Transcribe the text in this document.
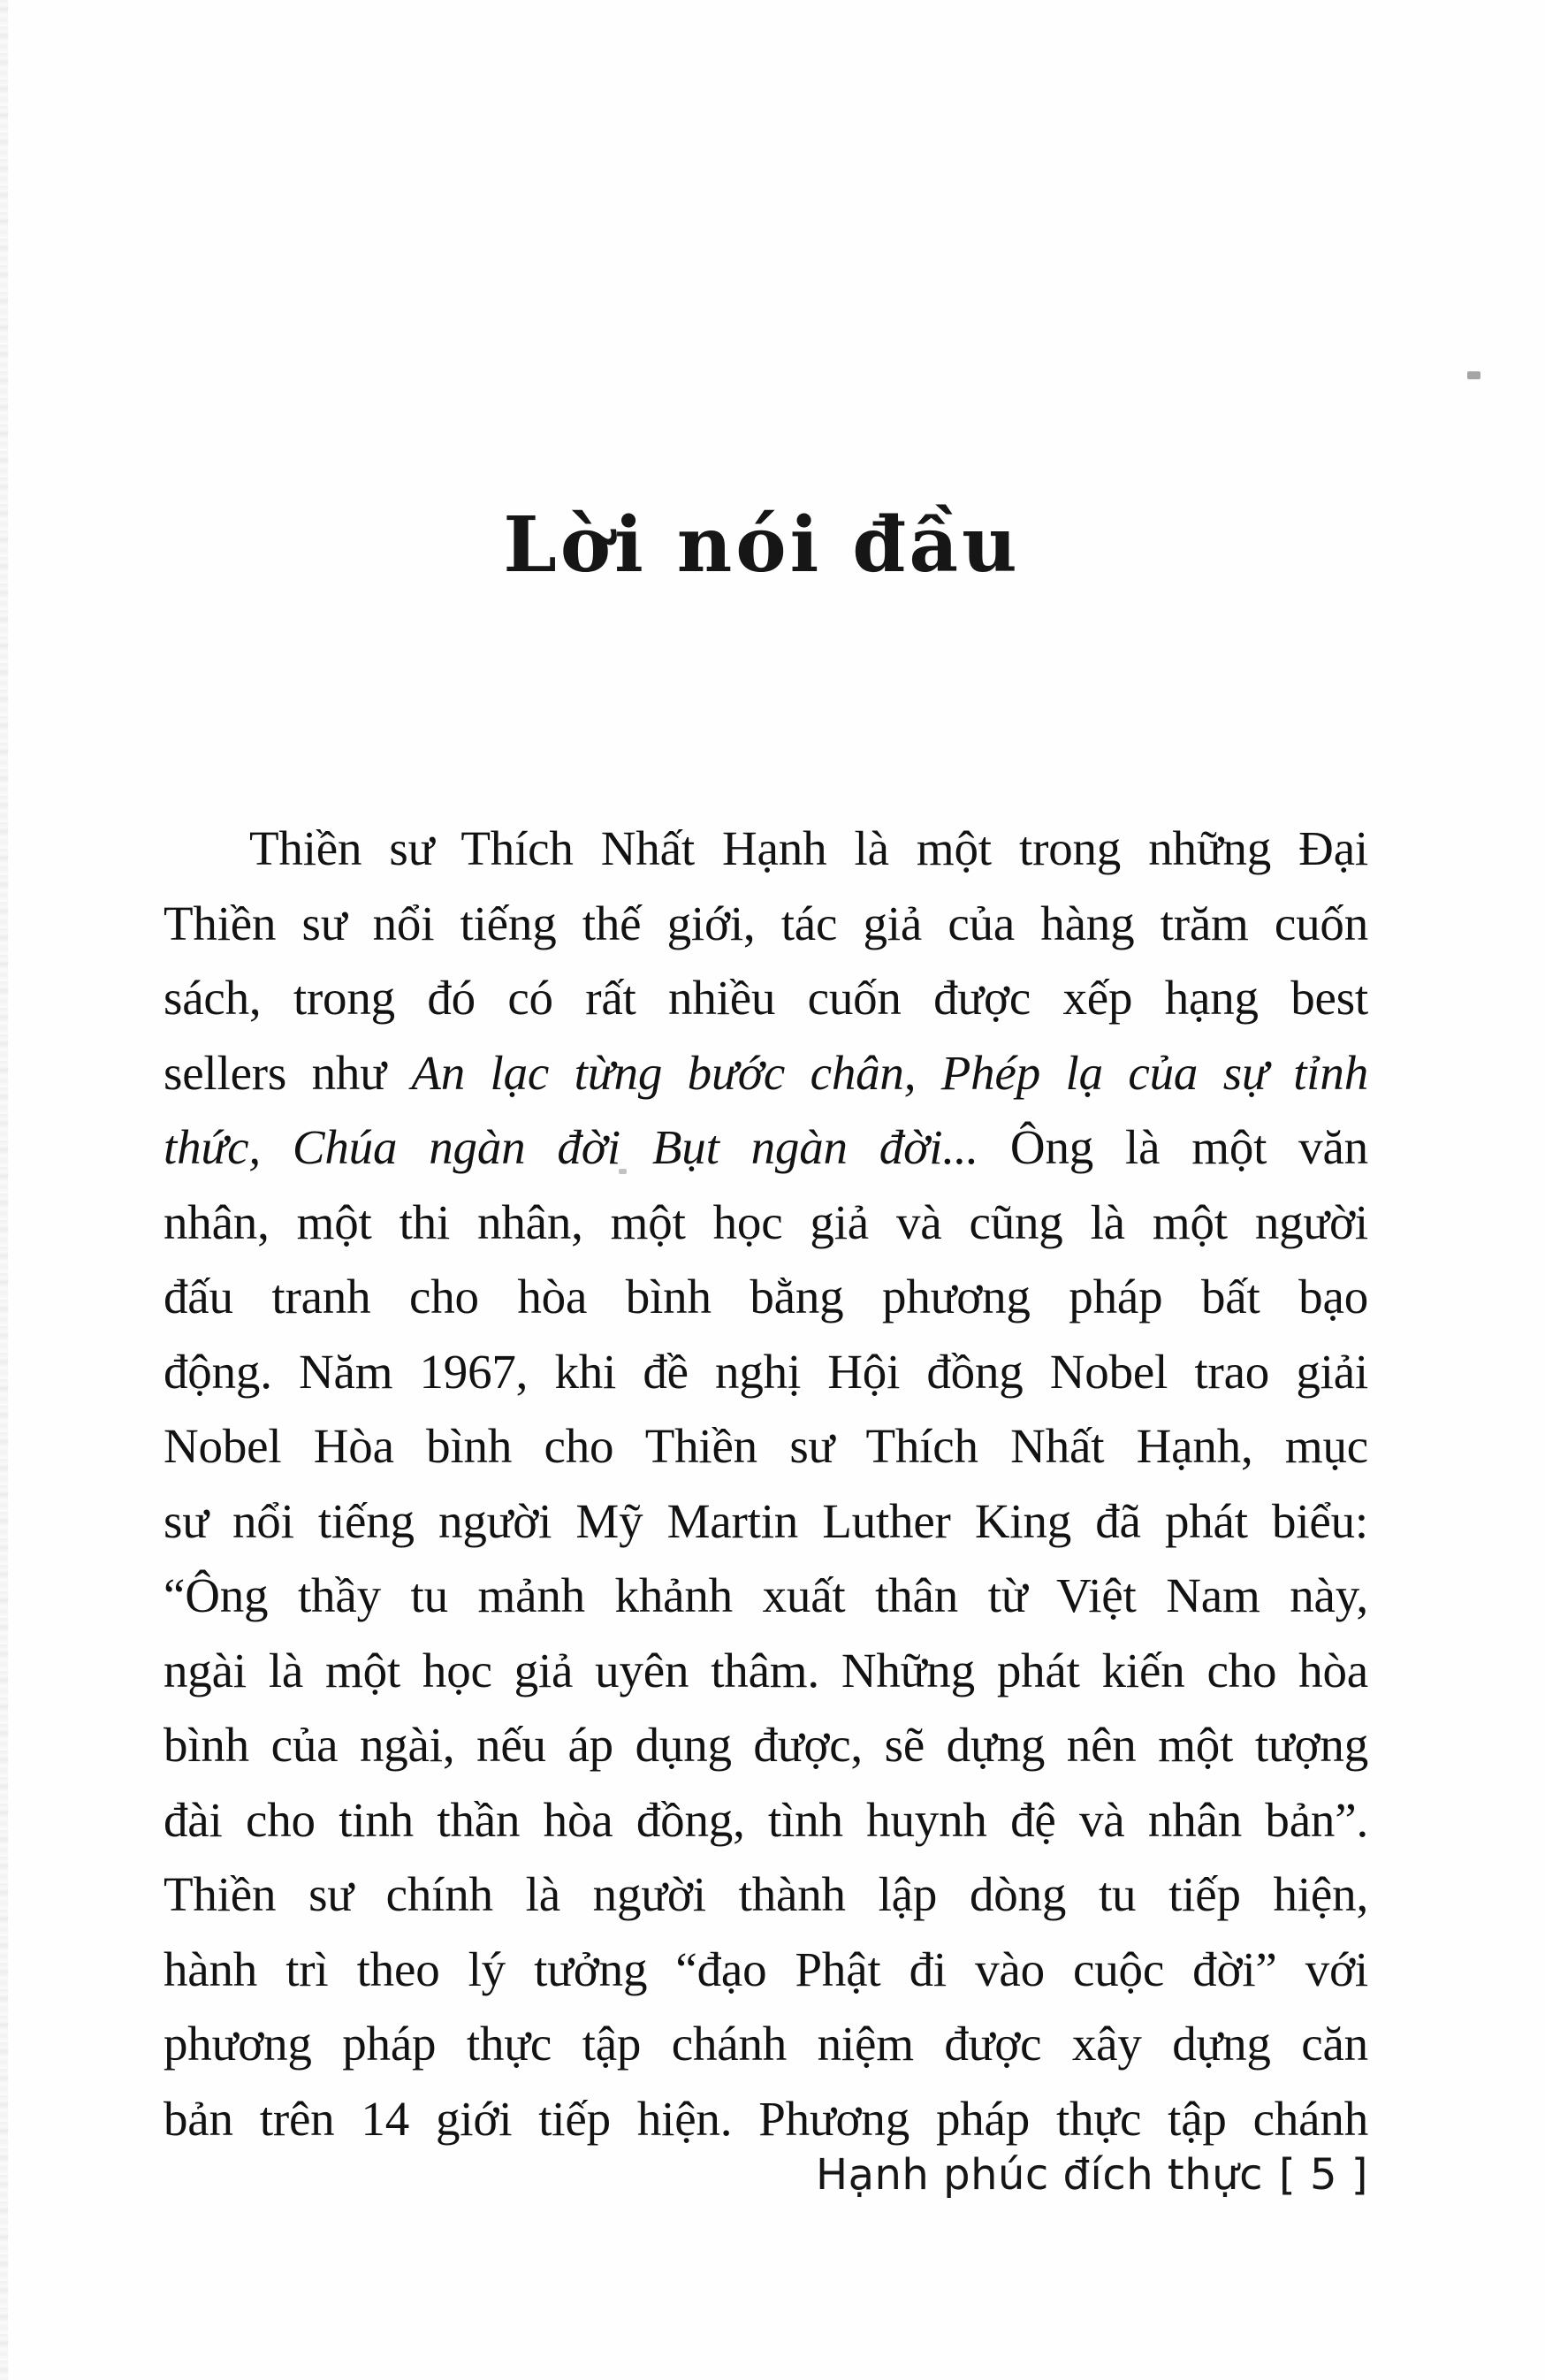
Lời nói đầu
Thiền sư Thích Nhất Hạnh là một trong những Đại
Thiền sư nổi tiếng thế giới, tác giả của hàng trăm cuốn
sách, trong đó có rất nhiều cuốn được xếp hạng best
sellers như An lạc từng bước chân, Phép lạ của sự tỉnh
thức, Chúa ngàn đời Bụt ngàn đời... Ông là một văn
nhân, một thi nhân, một học giả và cũng là một người
đấu tranh cho hòa bình bằng phương pháp bất bạo
động. Năm 1967, khi đề nghị Hội đồng Nobel trao giải
Nobel Hòa bình cho Thiền sư Thích Nhất Hạnh, mục
sư nổi tiếng người Mỹ Martin Luther King đã phát biểu:
“Ông thầy tu mảnh khảnh xuất thân từ Việt Nam này,
ngài là một học giả uyên thâm. Những phát kiến cho hòa
bình của ngài, nếu áp dụng được, sẽ dựng nên một tượng
đài cho tinh thần hòa đồng, tình huynh đệ và nhân bản”.
Thiền sư chính là người thành lập dòng tu tiếp hiện,
hành trì theo lý tưởng “đạo Phật đi vào cuộc đời” với
phương pháp thực tập chánh niệm được xây dựng căn
bản trên 14 giới tiếp hiện. Phương pháp thực tập chánh
Hạnh phúc đích thực [ 5 ]
